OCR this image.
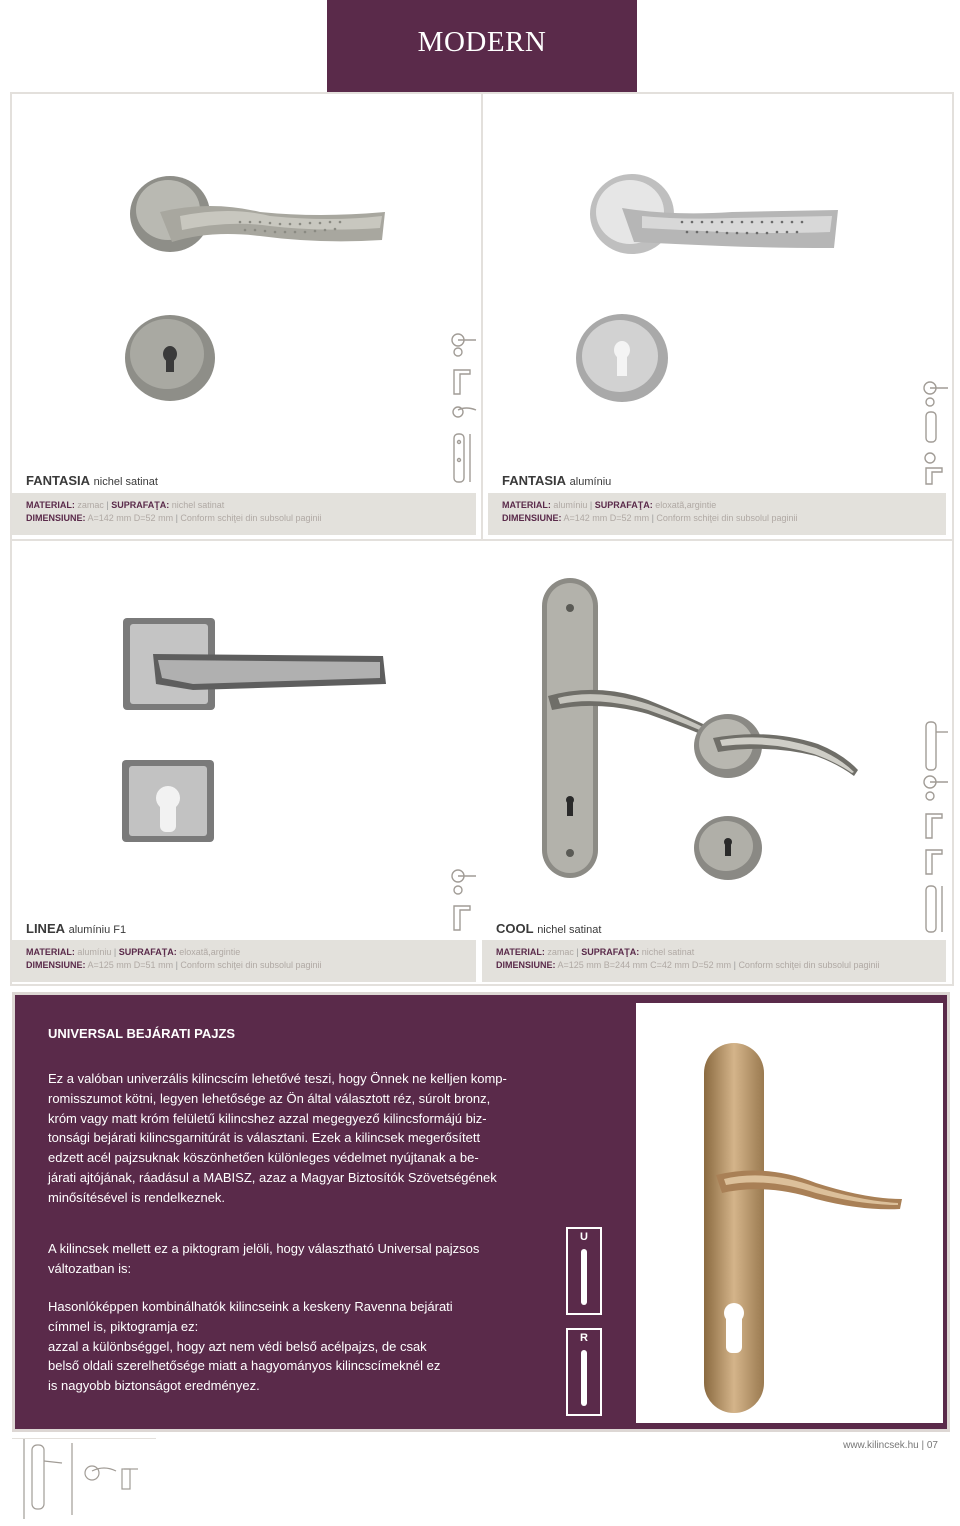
MODERN
FANTASIA nichel satinat
MATERIAL: zamac | SUPRAFAŢA: nichel satinat
DIMENSIUNE: A=142 mm D=52 mm | Conform schiţei din subsolul paginii
FANTASIA alumíniu
MATERIAL: alumíniu | SUPRAFAŢA: eloxatã,argintie
DIMENSIUNE: A=142 mm D=52 mm | Conform schiţei din subsolul paginii
LINEA alumíniu F1
MATERIAL: alumíniu | SUPRAFAŢA: eloxatã,argintie
DIMENSIUNE: A=125 mm D=51 mm | Conform schiţei din subsolul paginii
COOL nichel satinat
MATERIAL: zamac | SUPRAFAŢA: nichel satinat
DIMENSIUNE: A=125 mm B=244 mm C=42 mm D=52 mm | Conform schiţei din subsolul paginii
UNIVERSAL BEJÁRATI PAJZS
Ez a valóban univerzális kilincscím lehetővé teszi, hogy Önnek ne kelljen komp-
romisszumot kötni, legyen lehetősége az Ön által választott réz, súrolt bronz,
króm vagy matt króm felületű kilincshez azzal megegyező kilincsformájú biz-
tonsági bejárati kilincsgarnitúrát is választani. Ezek a kilincsek megerősített
edzett acél pajzsuknak köszönhetően különleges védelmet nyújtanak a be-
járati ajtójának, ráadásul a MABISZ, azaz a Magyar Biztosítók Szövetségének
minősítésével is rendelkeznek.
A kilincsek mellett ez a piktogram jelöli, hogy választható Universal pajzsos
változatban is:
Hasonlóképpen kombinálhatók kilincseink a keskeny Ravenna bejárati
címmel is, piktogramja ez:
azzal a különbséggel, hogy azt nem védi belső acélpajzs, de csak
belső oldali szerelhetősége miatt a hagyományos kilincscímeknél ez
is nagyobb biztonságot eredményez.
U
R
www.kilincsek.hu | 07
